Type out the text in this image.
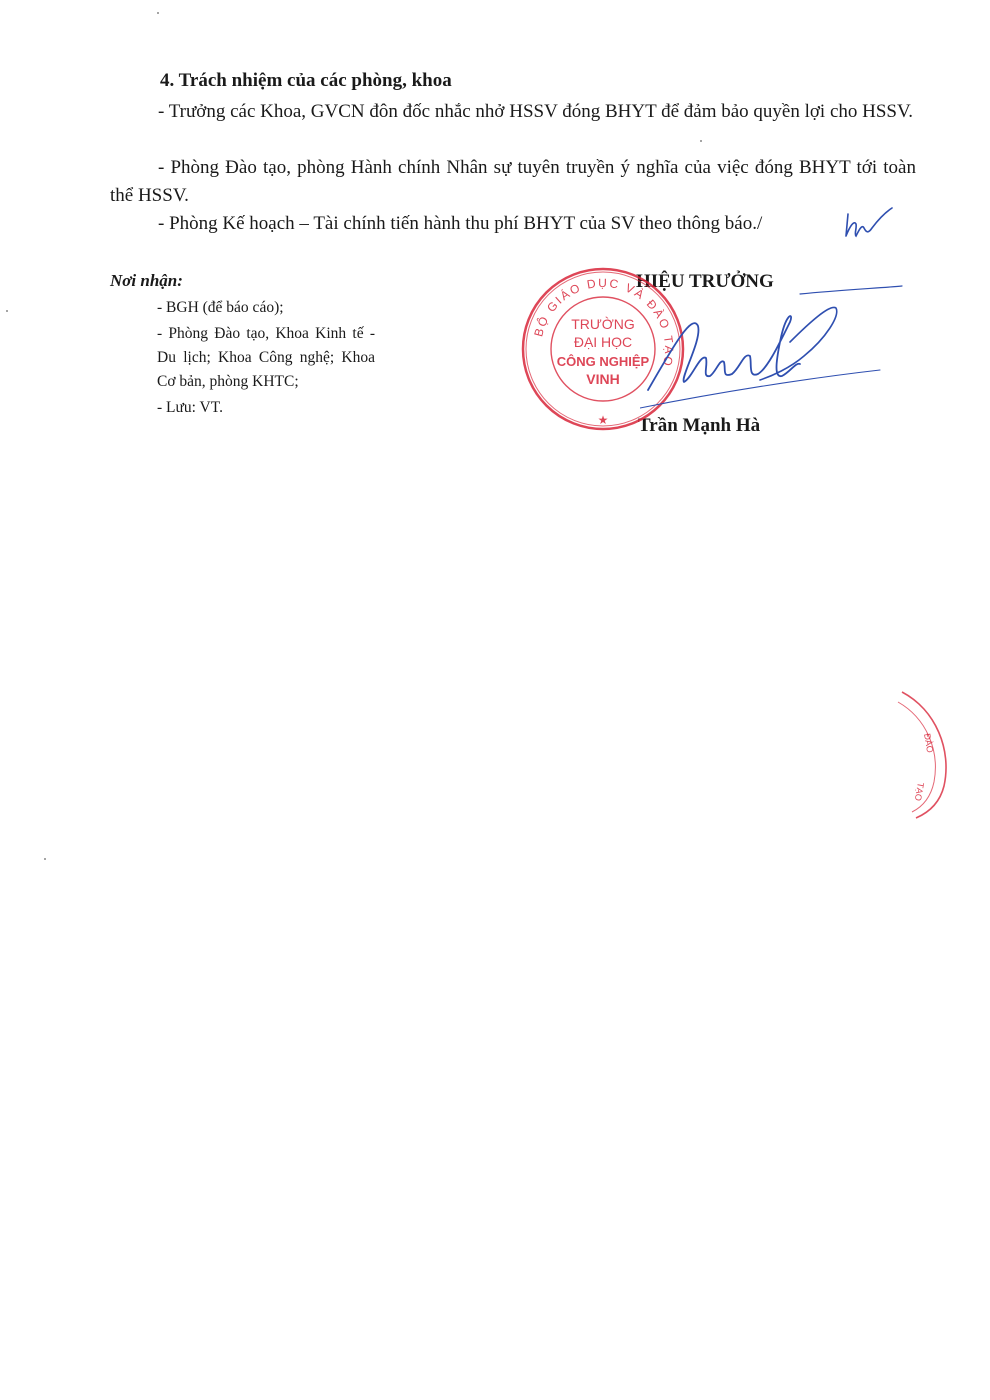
4. Trách nhiệm của các phòng, khoa

- Trưởng các Khoa, GVCN đôn đốc nhắc nhở HSSV đóng BHYT để đảm bảo quyền lợi cho HSSV.

- Phòng Đào tạo, phòng Hành chính Nhân sự tuyên truyền ý nghĩa của việc đóng BHYT tới toàn thể HSSV.

- Phòng Kế hoạch – Tài chính tiến hành thu phí BHYT của SV theo thông báo./

Nơi nhận:

- BGH (để báo cáo);
- Phòng Đào tạo, Khoa Kinh tế - Du lịch; Khoa Công nghệ; Khoa Cơ bản, phòng KHTC;
- Lưu: VT.

HIỆU TRƯỞNG

Trần Mạnh Hà

BỘ GIÁO DỤC VÀ ĐÀO TẠO
TRƯỜNG
ĐẠI HỌC
CÔNG NGHIỆP
VINH
★
ĐÀO
TẠO
